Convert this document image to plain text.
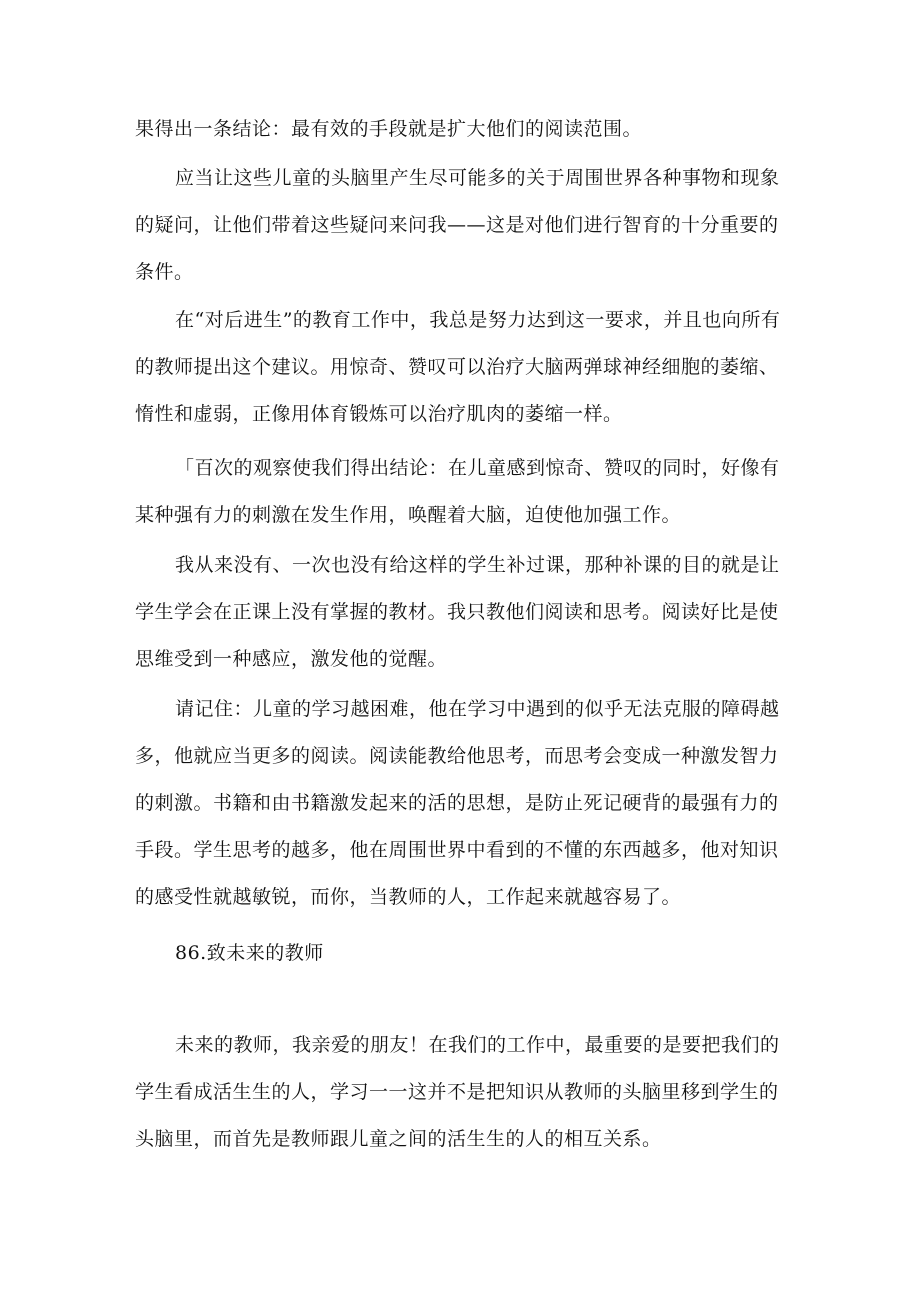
果得出一条结论：最有效的手段就是扩大他们的阅读范围。

应当让这些儿童的头脑里产生尽可能多的关于周围世界各种事物和现象的疑问，让他们带着这些疑问来问我——这是对他们进行智育的十分重要的条件。

在“对后进生”的教育工作中，我总是努力达到这一要求，并且也向所有的教师提出这个建议。用惊奇、赞叹可以治疗大脑两弹球神经细胞的萎缩、惰性和虚弱，正像用体育锻炼可以治疗肌肉的萎缩一样。

「百次的观察使我们得出结论：在儿童感到惊奇、赞叹的同时，好像有某种强有力的刺激在发生作用，唤醒着大脑，迫使他加强工作。

我从来没有、一次也没有给这样的学生补过课，那种补课的目的就是让学生学会在正课上没有掌握的教材。我只教他们阅读和思考。阅读好比是使思维受到一种感应，激发他的觉醒。

请记住：儿童的学习越困难，他在学习中遇到的似乎无法克服的障碍越多，他就应当更多的阅读。阅读能教给他思考，而思考会变成一种激发智力的刺激。书籍和由书籍激发起来的活的思想，是防止死记硬背的最强有力的手段。学生思考的越多，他在周围世界中看到的不懂的东西越多，他对知识的感受性就越敏锐，而你，当教师的人，工作起来就越容易了。

86.致未来的教师

未来的教师，我亲爱的朋友！在我们的工作中，最重要的是要把我们的学生看成活生生的人，学习一一这并不是把知识从教师的头脑里移到学生的头脑里，而首先是教师跟儿童之间的活生生的人的相互关系。
